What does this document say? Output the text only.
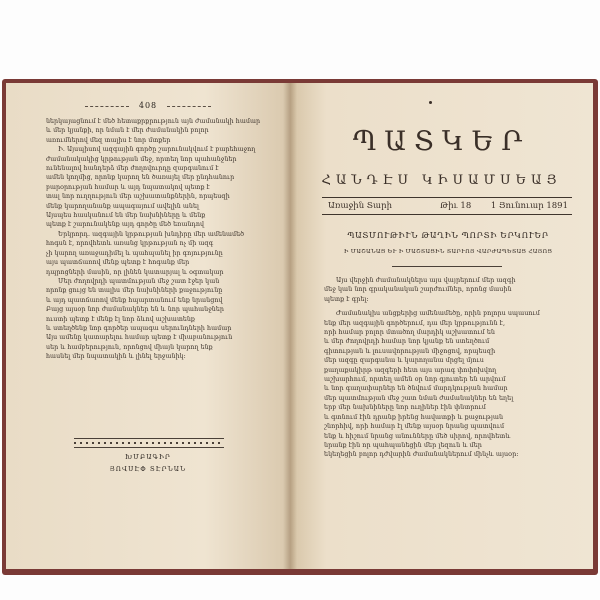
408
ներկայացնում է մեծ հետաքրքրություն այն ժամանակի համար
և մեր կյանքի, որ նման է մեր ժամանակին բոլոր
առումներով մեզ տալիս է նոր մտքեր
Ի. Այսպիսով ազգային գործը շարունակվում է բարեհաջող
ժամանակակից կրթության մեջ, որտեղ նոր պահանջներ
ունենալով հանդերձ մեր ժողովուրդը զարգանում է
ամեն կողմից, որոնք կարող են ծառայել մեր ընդհանուր
բարօրության համար և այդ նպատակով պետք է
տալ նոր ուղղություն մեր աշխատանքներին, որպեսզի
մենք կարողանանք ապագայում ավելին անել
Այսպես հասկանում են մեր նախնիները և մենք
պետք է շարունակենք այդ գործը մեծ եռանդով
Երկրորդ. ազգային կրթության խնդիրը մեր ամենամեծ
հոգսն է, որովհետև առանց կրթության ոչ մի ազգ
չի կարող առաջադիմել և պահպանել իր գոյությունը
այս պատճառով մենք պետք է հոգանք մեր
դպրոցների մասին, որ լինեն կատարյալ և օգտակար
Մեր ժողովրդի պատմության մեջ շատ էջեր կան
որոնք ցույց են տալիս մեր նախնիների քաջությունը
և այդ պատճառով մենք հպարտանում ենք նրանցով
Բայց այսօր նոր ժամանակներ են և նոր պահանջներ
ուստի պետք է մենք էլ նոր ձևով աշխատենք
և ստեղծենք նոր գործեր ապագա սերունդների համար
Այս ամենը կատարելու համար պետք է միաբանություն
սեր և համբերություն, որոնցով միայն կարող ենք
հասնել մեր նպատակին և լինել երջանիկ:
ԽՄԲԱԳԻՐ
ՅՈՎՍԷՓ ՏԷՐՆԱՆ
ՊԱՏԿԵՐ
ՀԱՆԴԷՍ ԿԻՍԱՄՍԵԱՅ
Առաջին Տարի	Թիւ 18 1 Յունուար 1891
ՊԱՏՄՈՒԹԻՒՆ ԹԱՂԻՆ ՊՈՐՏԻ ԵՐԿՈՒԵՐ
Ի ՄԱՇԱՆԱՑ ԵՒ Ի ՄԱՇՏԱՑԻՆ ՏԱՐՒՈՅ ՎԱՐԺԱՊԵՏԱՑ ՀԱՅՈՑ
Այս վերջին ժամանակներս այս վայրերում մեր ազգի
մեջ կան նոր գրականական շարժումներ, որոնց մասին
պետք է գրել:
Ժամանակիս անցքերից ամենամեծը, որին բոլորս սպասում
ենք մեր ազգային գործերում, դա մեր կրթությունն է,
որի համար բոլոր մտածող մարդիկ աշխատում են
և մեր ժողովրդի համար նոր կյանք են ստեղծում
գիտության և լուսավորության միջոցով, որպեսզի
մեր ազգը զարգանա և կարողանա մրցել մյուս
քաղաքակիրթ ազգերի հետ այս արագ փոփոխվող
աշխարհում, որտեղ ամեն օր նոր գյուտեր են արվում
և նոր գաղափարներ են ծնվում մարդկության համար
մեր պատմության մեջ շատ նման ժամանակներ են եղել
երբ մեր նախնիները նոր ուղիներ էին փնտրում
և գտնում էին դրանք իրենց հավատքի և քաջության
շնորհիվ, որի համար էլ մենք այսօր նրանց պատվում
ենք և հիշում նրանց անունները մեծ սիրով, որովհետև
նրանք էին որ պահպանեցին մեր լեզուն և մեր
եկեղեցին բոլոր դժվարին ժամանակներում մինչև այսօր:
